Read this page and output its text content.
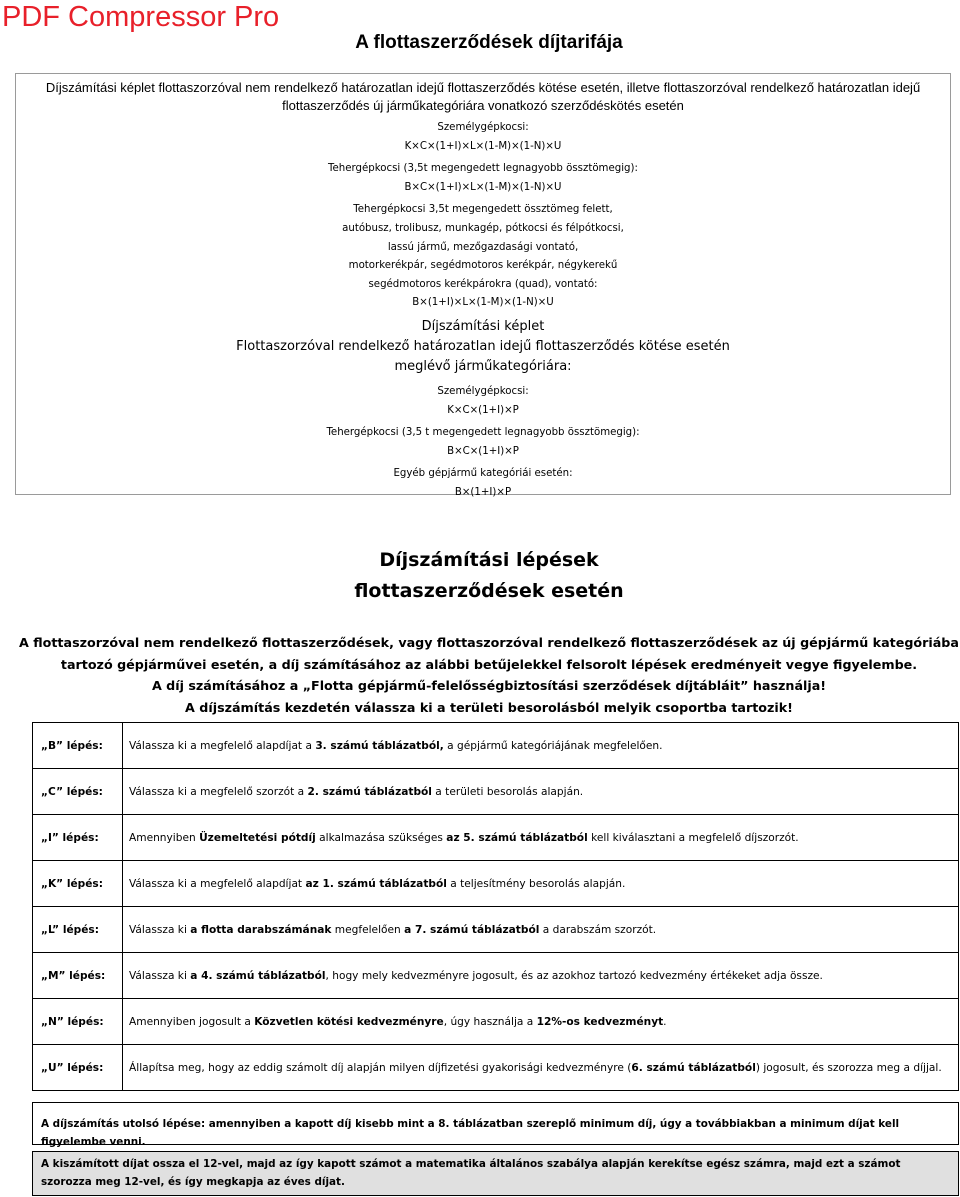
PDF Compressor Pro
A flottaszerződések díjtarifája
Díjszámítási képlet flottaszorzóval nem rendelkező határozatlan idejű flottaszerződés kötése esetén, illetve flottaszorzóval rendelkező határozatlan idejű flottaszerződés új járműkategóriára vonatkozó szerződéskötés esetén
Személygépkocsi:
K×C×(1+I)×L×(1-M)×(1-N)×U
Tehergépkocsi (3,5t megengedett legnagyobb össztömegig):
B×C×(1+I)×L×(1-M)×(1-N)×U
Tehergépkocsi 3,5t megengedett össztömeg felett,
autóbusz, trolibusz, munkagép, pótkocsi és félpótkocsi,
lassú jármű, mezőgazdasági vontató,
motorkerékpár, segédmotoros kerékpár, négykerekű
segédmotoros kerékpárokra (quad), vontató:
B×(1+I)×L×(1-M)×(1-N)×U
Díjszámítási képlet
Flottaszorzóval rendelkező határozatlan idejű flottaszerződés kötése esetén
meglévő járműkategóriára:
Személygépkocsi:
K×C×(1+I)×P
Tehergépkocsi (3,5 t megengedett legnagyobb össztömegig):
B×C×(1+I)×P
Egyéb gépjármű kategóriái esetén:
B×(1+I)×P
Díjszámítási lépések
flottaszerződések esetén
A flottaszorzóval nem rendelkező flottaszerződések, vagy flottaszorzóval rendelkező flottaszerződések az új gépjármű kategóriába
tartozó gépjárművei esetén, a díj számításához az alábbi betűjelekkel felsorolt lépések eredményeit vegye figyelembe.
A díj számításához a „Flotta gépjármű-felelősségbiztosítási szerződések díjtábláit” használja!
A díjszámítás kezdetén válassza ki a területi besorolásból melyik csoportba tartozik!
„B” lépés:	Válassza ki a megfelelő alapdíjat a 3. számú táblázatból, a gépjármű kategóriájának megfelelően.
„C” lépés:	Válassza ki a megfelelő szorzót a 2. számú táblázatból a területi besorolás alapján.
„I” lépés:	Amennyiben Üzemeltetési pótdíj alkalmazása szükséges az 5. számú táblázatból kell kiválasztani a megfelelő díjszorzót.
„K” lépés:	Válassza ki a megfelelő alapdíjat az 1. számú táblázatból a teljesítmény besorolás alapján.
„L” lépés:	Válassza ki a flotta darabszámának megfelelően a 7. számú táblázatból a darabszám szorzót.
„M” lépés:	Válassza ki a 4. számú táblázatból, hogy mely kedvezményre jogosult, és az azokhoz tartozó kedvezmény értékeket adja össze.
„N” lépés:	Amennyiben jogosult a Közvetlen kötési kedvezményre, úgy használja a 12%-os kedvezményt.
„U” lépés:	Állapítsa meg, hogy az eddig számolt díj alapján milyen díjfizetési gyakorisági kedvezményre (6. számú táblázatból) jogosult, és szorozza meg a díjjal.
A díjszámítás utolsó lépése: amennyiben a kapott díj kisebb mint a 8. táblázatban szereplő minimum díj, úgy a továbbiakban a minimum díjat kell figyelembe venni.
A kiszámított díjat ossza el 12-vel, majd az így kapott számot a matematika általános szabálya alapján kerekítse egész számra, majd ezt a számot szorozza meg 12-vel, és így megkapja az éves díjat.
